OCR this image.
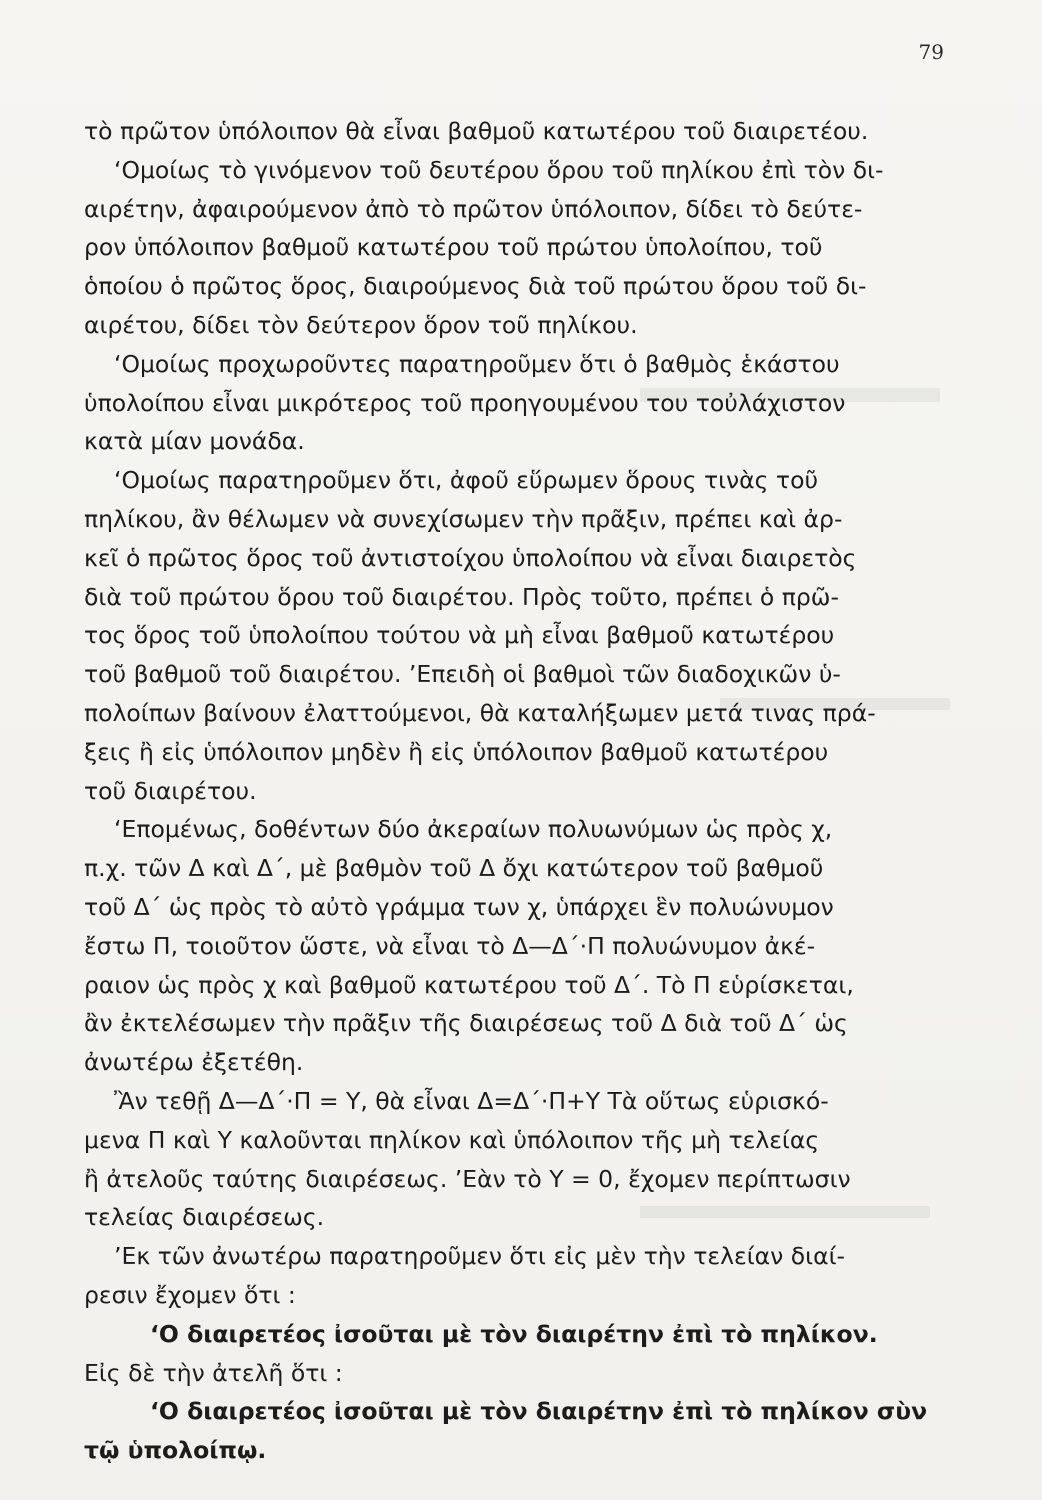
79
τὸ πρῶτον ὑπόλοιπον θὰ εἶναι βαθμοῦ κατωτέρου τοῦ διαιρετέου.
‘Ομοίως τὸ γινόμενον τοῦ δευτέρου ὅρου τοῦ πηλίκου ἐπὶ τὸν δι-
αιρέτην, ἀφαιρούμενον ἀπὸ τὸ πρῶτον ὑπόλοιπον, δίδει τὸ δεύτε-
ρον ὑπόλοιπον βαθμοῦ κατωτέρου τοῦ πρώτου ὑπολοίπου, τοῦ
ὁποίου ὁ πρῶτος ὅρος, διαιρούμενος διὰ τοῦ πρώτου ὅρου τοῦ δι-
αιρέτου, δίδει τὸν δεύτερον ὅρον τοῦ πηλίκου.
‘Ομοίως προχωροῦντες παρατηροῦμεν ὅτι ὁ βαθμὸς ἑκάστου
ὑπολοίπου εἶναι μικρότερος τοῦ προηγουμένου του τοὐλάχιστον
κατὰ μίαν μονάδα.
‘Ομοίως παρατηροῦμεν ὅτι, ἀφοῦ εὕρωμεν ὅρους τινὰς τοῦ
πηλίκου, ἂν θέλωμεν νὰ συνεχίσωμεν τὴν πρᾶξιν, πρέπει καὶ ἀρ-
κεῖ ὁ πρῶτος ὅρος τοῦ ἀντιστοίχου ὑπολοίπου νὰ εἶναι διαιρετὸς
διὰ τοῦ πρώτου ὅρου τοῦ διαιρέτου. Πρὸς τοῦτο, πρέπει ὁ πρῶ-
τος ὅρος τοῦ ὑπολοίπου τούτου νὰ μὴ εἶναι βαθμοῦ κατωτέρου
τοῦ βαθμοῦ τοῦ διαιρέτου. ’Επειδὴ οἱ βαθμοὶ τῶν διαδοχικῶν ὑ-
πολοίπων βαίνουν ἐλαττούμενοι, θὰ καταλήξωμεν μετά τινας πρά-
ξεις ἢ εἰς ὑπόλοιπον μηδὲν ἢ εἰς ὑπόλοιπον βαθμοῦ κατωτέρου
τοῦ διαιρέτου.
‘Επομένως, δοθέντων δύο ἀκεραίων πολυωνύμων ὡς πρὸς χ,
π.χ. τῶν Δ καὶ Δ΄, μὲ βαθμὸν τοῦ Δ ὄχι κατώτερον τοῦ βαθμοῦ
τοῦ Δ΄ ὡς πρὸς τὸ αὐτὸ γράμμα των χ, ὑπάρχει ἓν πολυώνυμον
ἔστω Π, τοιοῦτον ὥστε, νὰ εἶναι τὸ Δ—Δ΄·Π πολυώνυμον ἀκέ-
ραιον ὡς πρὸς χ καὶ βαθμοῦ κατωτέρου τοῦ Δ΄. Τὸ Π εὑρίσκεται,
ἂν ἐκτελέσωμεν τὴν πρᾶξιν τῆς διαιρέσεως τοῦ Δ διὰ τοῦ Δ΄ ὡς
ἀνωτέρω ἐξετέθη.
Ἂν τεθῇ Δ—Δ΄·Π = Υ, θὰ εἶναι Δ=Δ΄·Π+Υ Τὰ οὕτως εὑρισκό-
μενα Π καὶ Υ καλοῦνται πηλίκον καὶ ὑπόλοιπον τῆς μὴ τελείας
ἢ ἀτελοῦς ταύτης διαιρέσεως. ’Εὰν τὸ Υ = 0, ἔχομεν περίπτωσιν
τελείας διαιρέσεως.
’Εκ τῶν ἀνωτέρω παρατηροῦμεν ὅτι εἰς μὲν τὴν τελείαν διαί-
ρεσιν ἔχομεν ὅτι :
‘Ο διαιρετέος ἰσοῦται μὲ τὸν διαιρέτην ἐπὶ τὸ πηλίκον.
Εἰς δὲ τὴν ἀτελῆ ὅτι :
‘Ο διαιρετέος ἰσοῦται μὲ τὸν διαιρέτην ἐπὶ τὸ πηλίκον σὺν
τῷ ὑπολοίπῳ.
